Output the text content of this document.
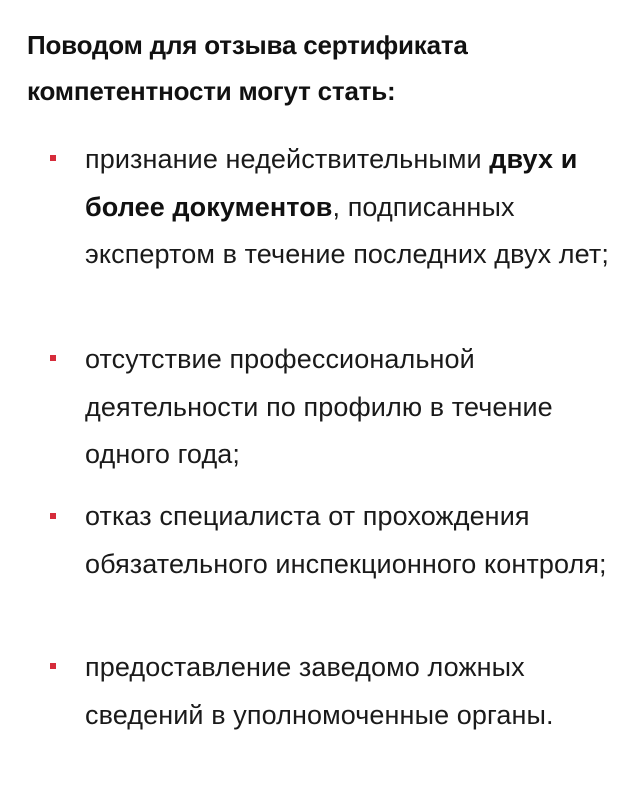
Поводом для отзыва сертификата компетентности могут стать:
признание недействительными двух и более документов, подписанных экспертом в течение последних двух лет;
отсутствие профессиональной деятельности по профилю в течение одного года;
отказ специалиста от прохождения обязательного инспекционного контроля;
предоставление заведомо ложных сведений в уполномоченные органы.
